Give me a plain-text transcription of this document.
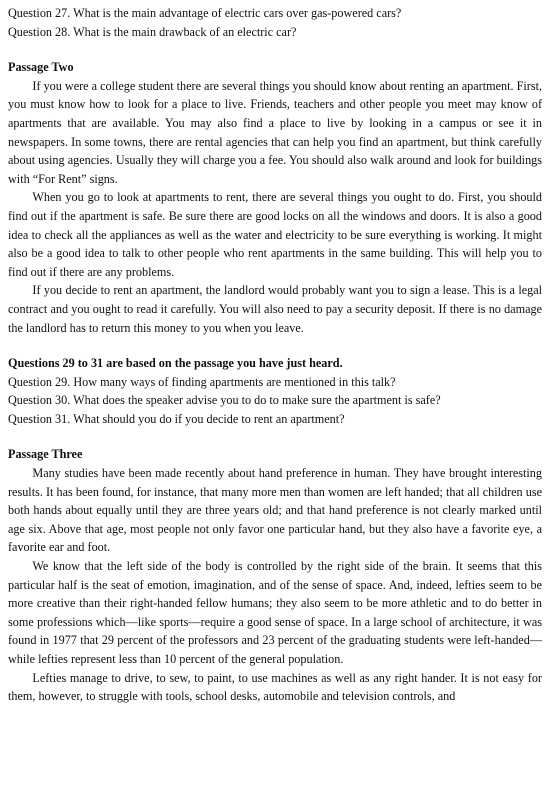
Question 27. What is the main advantage of electric cars over gas-powered cars?

Question 28. What is the main drawback of an electric car?

Passage Two

If you were a college student there are several things you should know about renting an apartment. First, you must know how to look for a place to live. Friends, teachers and other people you meet may know of apartments that are available. You may also find a place to live by looking in a campus or see it in newspapers. In some towns, there are rental agencies that can help you find an apartment, but think carefully about using agencies. Usually they will charge you a fee. You should also walk around and look for buildings with “For Rent” signs.

When you go to look at apartments to rent, there are several things you ought to do. First, you should find out if the apartment is safe. Be sure there are good locks on all the windows and doors. It is also a good idea to check all the appliances as well as the water and electricity to be sure everything is working. It might also be a good idea to talk to other people who rent apartments in the same building. This will help you to find out if there are any problems.

If you decide to rent an apartment, the landlord would probably want you to sign a lease. This is a legal contract and you ought to read it carefully. You will also need to pay a security deposit. If there is no damage the landlord has to return this money to you when you leave.

Questions 29 to 31 are based on the passage you have just heard.

Question 29. How many ways of finding apartments are mentioned in this talk?

Question 30. What does the speaker advise you to do to make sure the apartment is safe?

Question 31. What should you do if you decide to rent an apartment?

Passage Three

Many studies have been made recently about hand preference in human. They have brought interesting results. It has been found, for instance, that many more men than women are left handed; that all children use both hands about equally until they are three years old; and that hand preference is not clearly marked until age six. Above that age, most people not only favor one particular hand, but they also have a favorite eye, a favorite ear and foot.

We know that the left side of the body is controlled by the right side of the brain. It seems that this particular half is the seat of emotion, imagination, and of the sense of space. And, indeed, lefties seem to be more creative than their right-handed fellow humans; they also seem to be more athletic and to do better in some professions which—like sports—require a good sense of space. In a large school of architecture, it was found in 1977 that 29 percent of the professors and 23 percent of the graduating students were left-handed—while lefties represent less than 10 percent of the general population.

Lefties manage to drive, to sew, to paint, to use machines as well as any right hander. It is not easy for them, however, to struggle with tools, school desks, automobile and television controls, and
